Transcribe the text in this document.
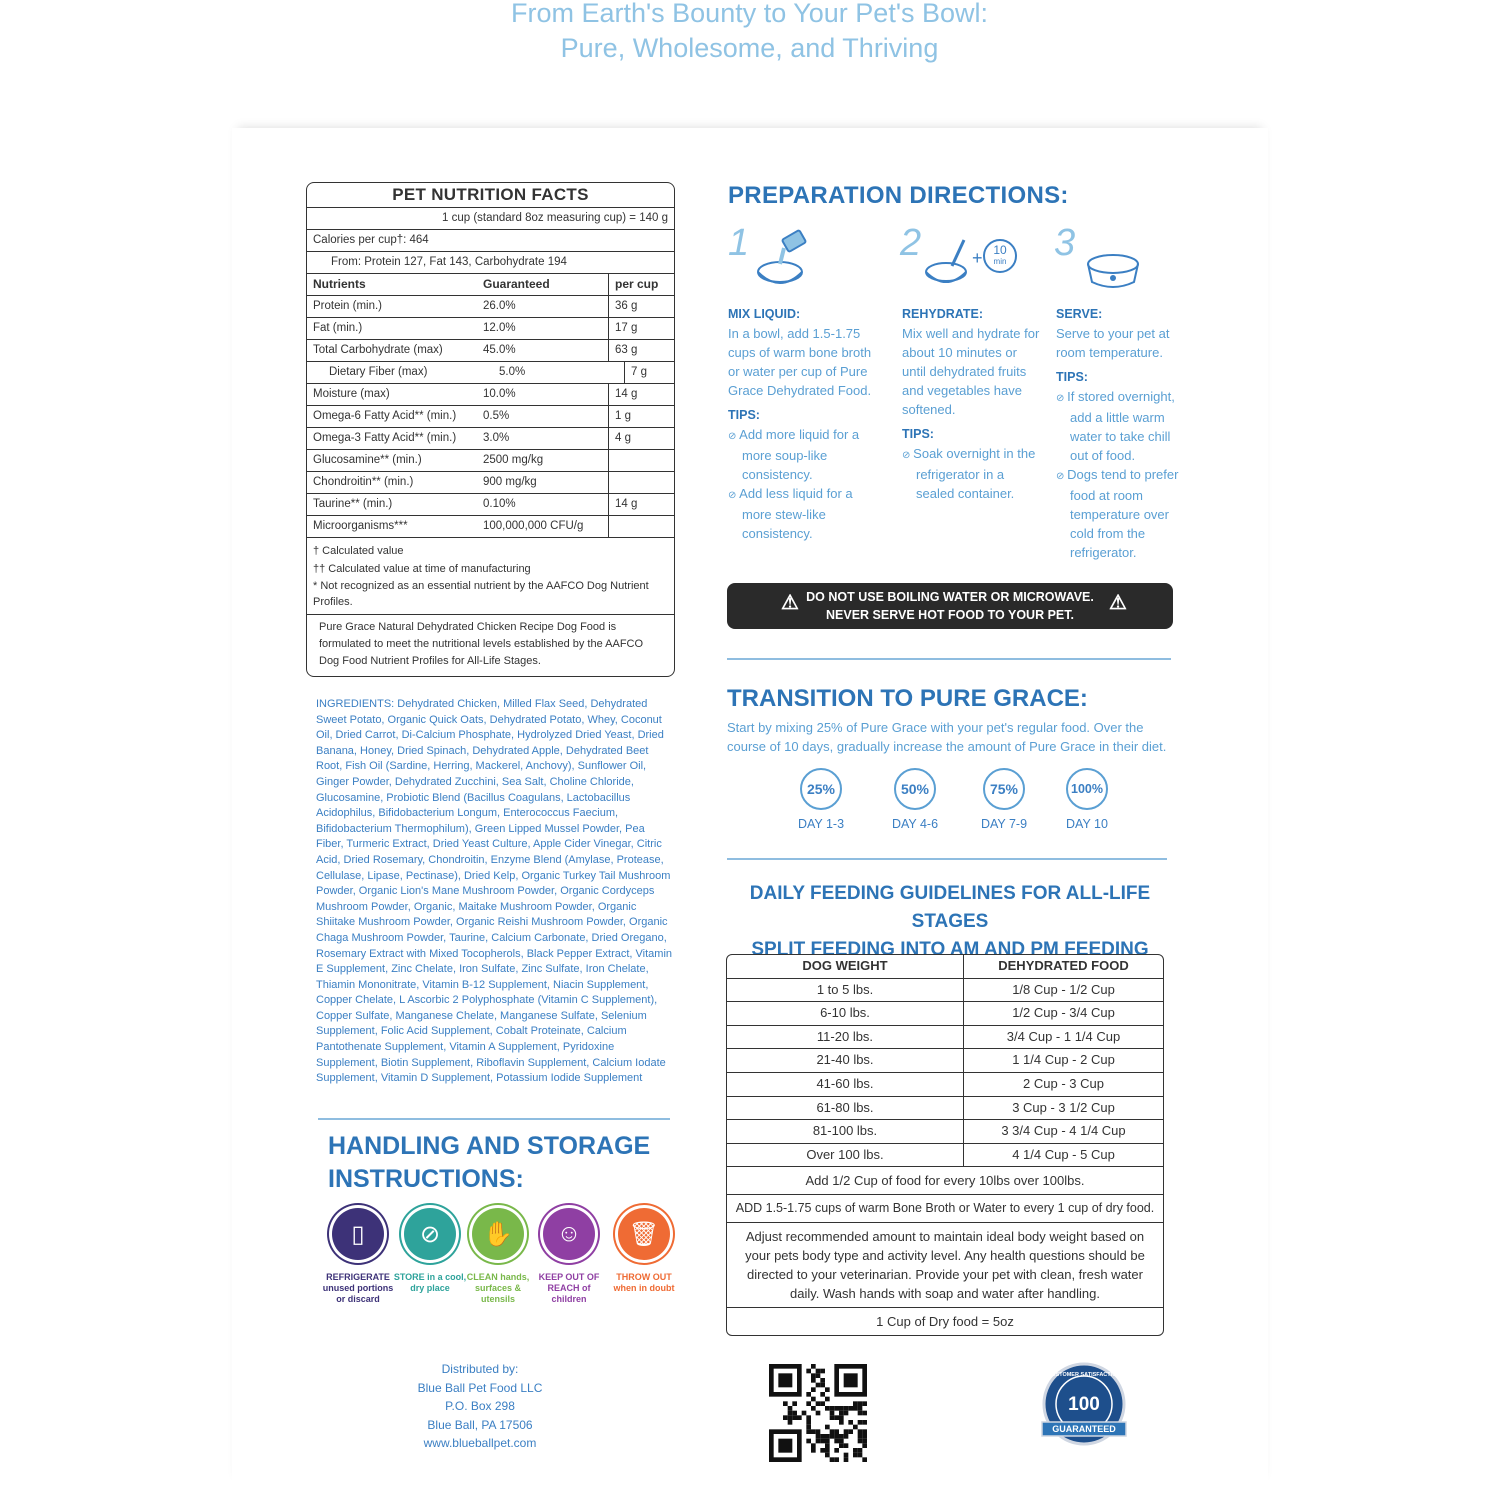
From Earth's Bounty to Your Pet's Bowl:
Pure, Wholesome, and Thriving
PET NUTRITION FACTS
1 cup (standard 8oz measuring cup) = 140 g
Calories per cup†: 464
From: Protein 127, Fat 143, Carbohydrate 194
Nutrients	Guaranteed	per cup
Protein (min.)	26.0%	36 g
Fat (min.)	12.0%	17 g
Total Carbohydrate (max)	45.0%	63 g
Dietary Fiber (max)	5.0%	7 g
Moisture (max)	10.0%	14 g
Omega-6 Fatty Acid** (min.)	0.5%	1 g
Omega-3 Fatty Acid** (min.)	3.0%	4 g
Glucosamine** (min.)	2500 mg/kg
Chondroitin** (min.)	900 mg/kg
Taurine** (min.)	0.10%	14 g
Microorganisms***	100,000,000 CFU/g
† Calculated value
†† Calculated value at time of manufacturing
* Not recognized as an essential nutrient by the AAFCO Dog Nutrient Profiles.
Pure Grace Natural Dehydrated Chicken Recipe Dog Food is formulated to meet the nutritional levels established by the AAFCO Dog Food Nutrient Profiles for All-Life Stages.
INGREDIENTS: Dehydrated Chicken, Milled Flax Seed, Dehydrated Sweet Potato, Organic Quick Oats, Dehydrated Potato, Whey, Coconut Oil, Dried Carrot, Di-Calcium Phosphate, Hydrolyzed Dried Yeast, Dried Banana, Honey, Dried Spinach, Dehydrated Apple, Dehydrated Beet Root, Fish Oil (Sardine, Herring, Mackerel, Anchovy), Sunflower Oil, Ginger Powder, Dehydrated Zucchini, Sea Salt, Choline Chloride, Glucosamine, Probiotic Blend (Bacillus Coagulans, Lactobacillus Acidophilus, Bifidobacterium Longum, Enterococcus Faecium, Bifidobacterium Thermophilum), Green Lipped Mussel Powder, Pea Fiber, Turmeric Extract, Dried Yeast Culture, Apple Cider Vinegar, Citric Acid, Dried Rosemary, Chondroitin, Enzyme Blend (Amylase, Protease, Cellulase, Lipase, Pectinase), Dried Kelp, Organic Turkey Tail Mushroom Powder, Organic Lion's Mane Mushroom Powder, Organic Cordyceps Mushroom Powder, Organic, Maitake Mushroom Powder, Organic Shiitake Mushroom Powder, Organic Reishi Mushroom Powder, Organic Chaga Mushroom Powder, Taurine, Calcium Carbonate, Dried Oregano, Rosemary Extract with Mixed Tocopherols, Black Pepper Extract, Vitamin E Supplement, Zinc Chelate, Iron Sulfate, Zinc Sulfate, Iron Chelate, Thiamin Mononitrate, Vitamin B-12 Supplement, Niacin Supplement, Copper Chelate, L Ascorbic 2 Polyphosphate (Vitamin C Supplement), Copper Sulfate, Manganese Chelate, Manganese Sulfate, Selenium Supplement, Folic Acid Supplement, Cobalt Proteinate, Calcium Pantothenate Supplement, Vitamin A Supplement, Pyridoxine Supplement, Biotin Supplement, Riboflavin Supplement, Calcium Iodate Supplement, Vitamin D Supplement, Potassium Iodide Supplement
HANDLING AND STORAGE
INSTRUCTIONS:
▯
REFRIGERATE unused portions or discard
⊘
STORE in a cool, dry place
✋
CLEAN hands, surfaces & utensils
☺
KEEP OUT OF REACH of children
🗑
THROW OUT when in doubt
Distributed by:
Blue Ball Pet Food LLC
P.O. Box 298
Blue Ball, PA 17506
www.blueballpet.com
PREPARATION DIRECTIONS:
1	2	+ 10
min 3
MIX LIQUID:
In a bowl, add 1.5-1.75 cups of warm bone broth or water per cup of Pure Grace Dehydrated Food.
TIPS:
⊘ Add more liquid for a more soup-like consistency.
⊘ Add less liquid for a more stew-like consistency.
REHYDRATE:
Mix well and hydrate for about 10 minutes or until dehydrated fruits and vegetables have softened.
TIPS:
⊘ Soak overnight in the refrigerator in a sealed container.
SERVE:
Serve to your pet at room temperature.
TIPS:
⊘ If stored overnight, add a little warm water to take chill out of food.
⊘ Dogs tend to prefer food at room temperature over cold from the refrigerator.
⚠ DO NOT USE BOILING WATER OR MICROWAVE.
NEVER SERVE HOT FOOD TO YOUR PET.
⚠
TRANSITION TO PURE GRACE:
Start by mixing 25% of Pure Grace with your pet's regular food. Over the course of 10 days, gradually increase the amount of Pure Grace in their diet.
25%
DAY 1-3
50%
DAY 4-6
75%
DAY 7-9
100%
DAY 10
DAILY FEEDING GUIDELINES FOR ALL-LIFE STAGES
SPLIT FEEDING INTO AM AND PM FEEDING
DOG WEIGHT	DEHYDRATED FOOD
1 to 5 lbs.	1/8 Cup - 1/2 Cup
6-10 lbs.	1/2 Cup - 3/4 Cup
11-20 lbs.	3/4 Cup - 1 1/4 Cup
21-40 lbs.	1 1/4 Cup - 2 Cup
41-60 lbs.	2 Cup - 3 Cup
61-80 lbs.	3 Cup - 3 1/2 Cup
81-100 lbs.	3 3/4 Cup - 4 1/4 Cup
Over 100 lbs.	4 1/4 Cup - 5 Cup
Add 1/2 Cup of food for every 10lbs over 100lbs.
ADD 1.5-1.75 cups of warm Bone Broth or Water to every 1 cup of dry food.
Adjust recommended amount to maintain ideal body weight based on your pets body type and activity level. Any health questions should be directed to your veterinarian. Provide your pet with clean, fresh water daily. Wash hands with soap and water after handling.
1 Cup of Dry food = 5oz
100
CUSTOMER SATISFACTION
GUARANTEED
